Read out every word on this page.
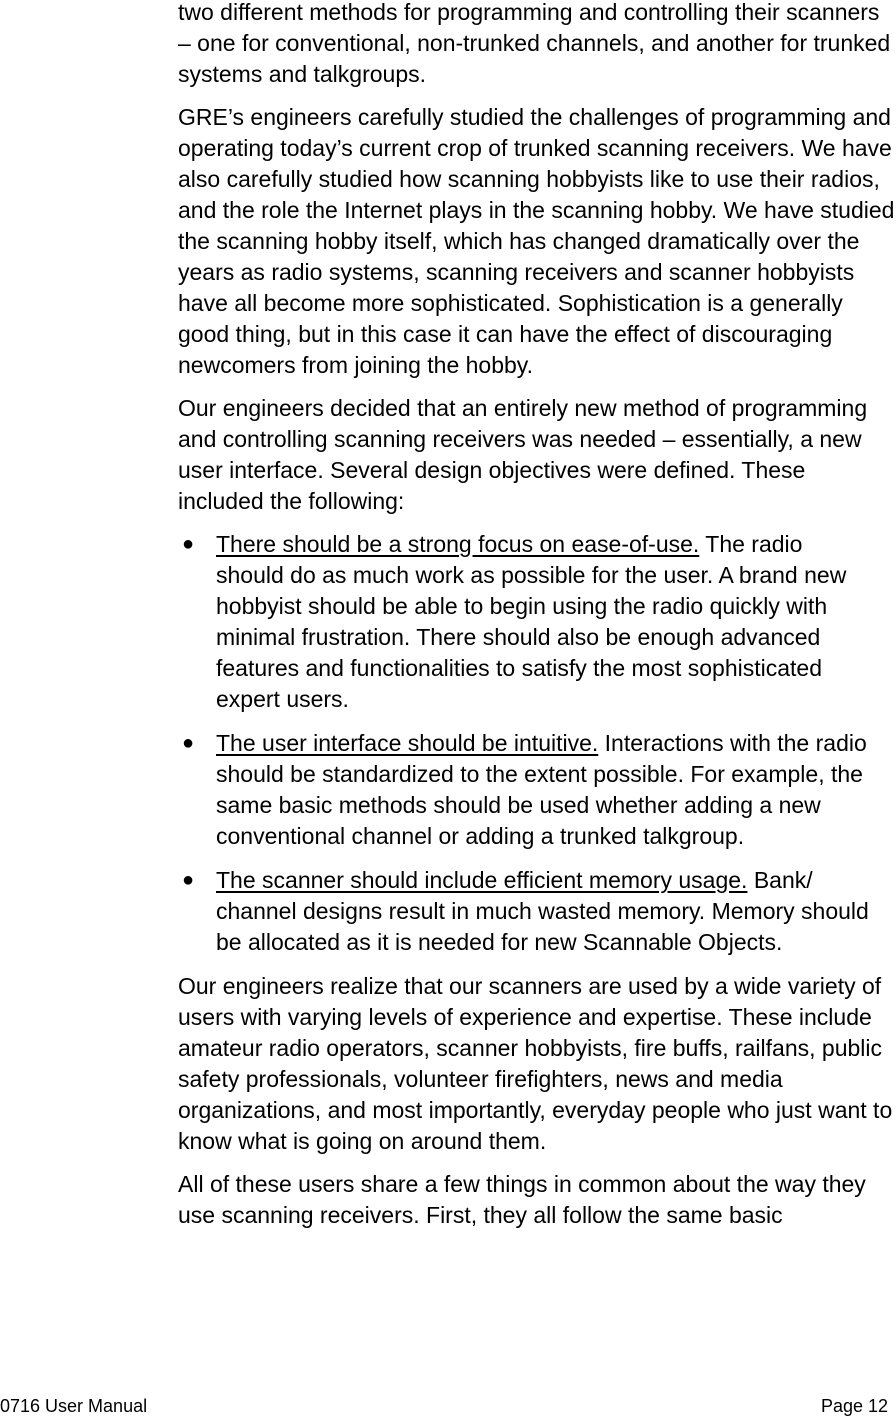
two different methods for programming and controlling their scanners – one for conventional, non-trunked channels, and another for trunked systems and talkgroups.

GRE’s engineers carefully studied the challenges of programming and operating today’s current crop of trunked scanning receivers. We have also carefully studied how scanning hobbyists like to use their radios, and the role the Internet plays in the scanning hobby. We have studied the scanning hobby itself, which has changed dramatically over the years as radio systems, scanning receivers and scanner hobbyists have all become more sophisticated. Sophistication is a generally good thing, but in this case it can have the effect of discouraging newcomers from joining the hobby.

Our engineers decided that an entirely new method of programming and controlling scanning receivers was needed – essentially, a new user interface. Several design objectives were defined. These included the following:

● There should be a strong focus on ease-of-use. The radio should do as much work as possible for the user. A brand new hobbyist should be able to begin using the radio quickly with minimal frustration. There should also be enough advanced features and functionalities to satisfy the most sophisticated expert users.
● The user interface should be intuitive. Interactions with the radio should be standardized to the extent possible. For example, the same basic methods should be used whether adding a new conventional channel or adding a trunked talkgroup.
● The scanner should include efficient memory usage. Bank/ channel designs result in much wasted memory. Memory should be allocated as it is needed for new Scannable Objects.

Our engineers realize that our scanners are used by a wide variety of users with varying levels of experience and expertise. These include amateur radio operators, scanner hobbyists, fire buffs, railfans, public safety professionals, volunteer firefighters, news and media organizations, and most importantly, everyday people who just want to know what is going on around them.

All of these users share a few things in common about the way they use scanning receivers. First, they all follow the same basic

0716 User Manual	Page 12
